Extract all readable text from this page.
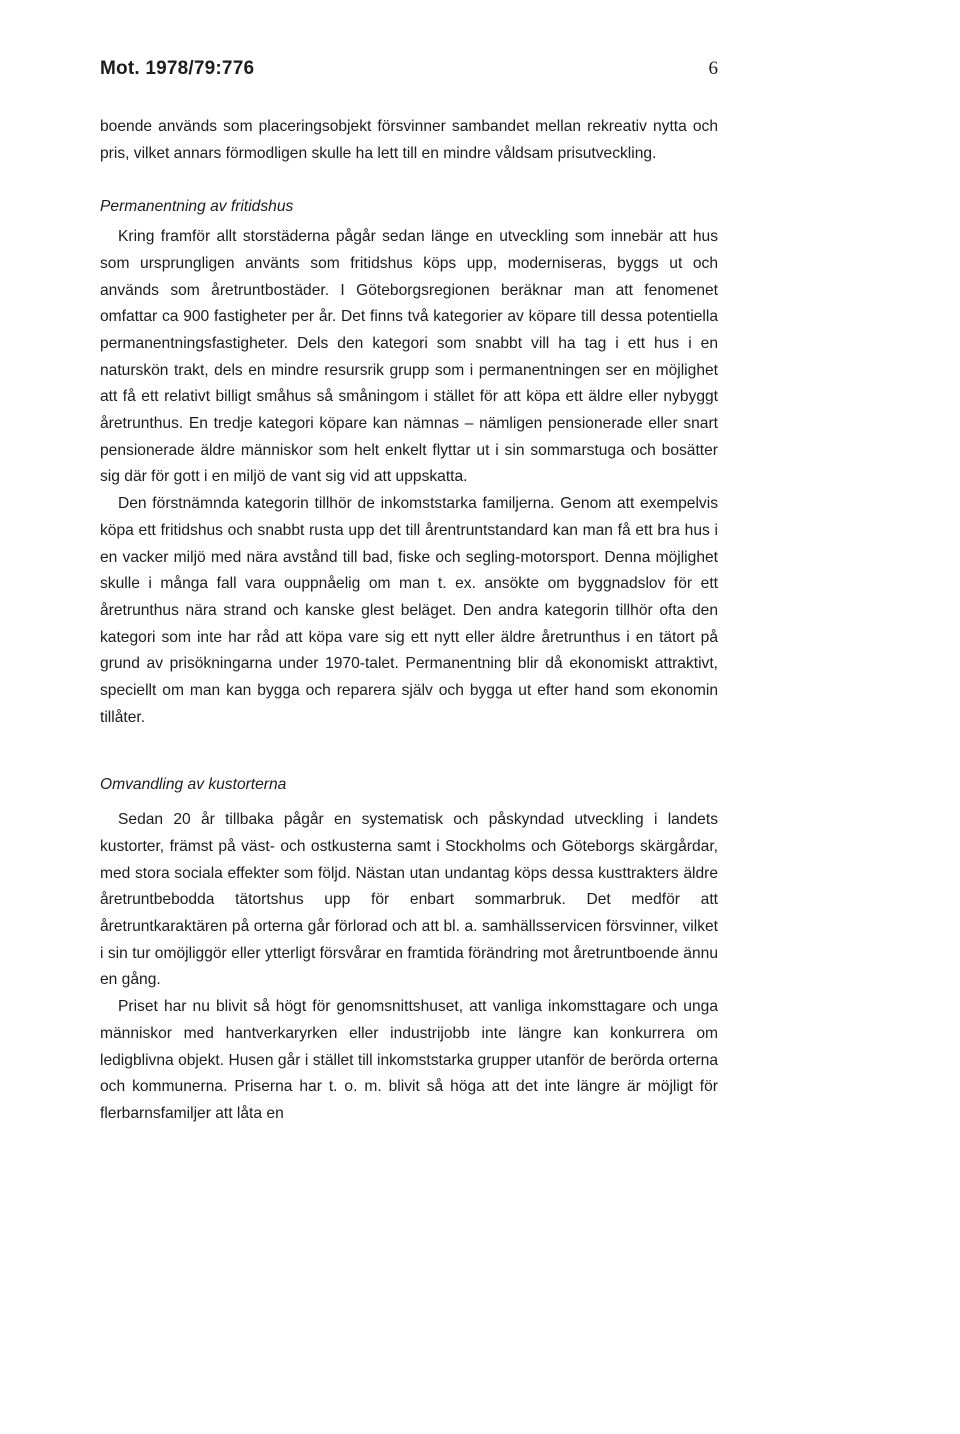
Mot. 1978/79:776	6

boende används som placeringsobjekt försvinner sambandet mellan rekreativ nytta och pris, vilket annars förmodligen skulle ha lett till en mindre våldsam prisutveckling.

Permanentning av fritidshus

Kring framför allt storstäderna pågår sedan länge en utveckling som innebär att hus som ursprungligen använts som fritidshus köps upp, moderniseras, byggs ut och används som åretruntbostäder. I Göteborgsregionen beräknar man att fenomenet omfattar ca 900 fastigheter per år. Det finns två kategorier av köpare till dessa potentiella permanentningsfastigheter. Dels den kategori som snabbt vill ha tag i ett hus i en naturskön trakt, dels en mindre resursrik grupp som i permanentningen ser en möjlighet att få ett relativt billigt småhus så småningom i stället för att köpa ett äldre eller nybyggt åretrunthus. En tredje kategori köpare kan nämnas – nämligen pensionerade eller snart pensionerade äldre människor som helt enkelt flyttar ut i sin sommarstuga och bosätter sig där för gott i en miljö de vant sig vid att uppskatta.

Den förstnämnda kategorin tillhör de inkomststarka familjerna. Genom att exempelvis köpa ett fritidshus och snabbt rusta upp det till årentruntstandard kan man få ett bra hus i en vacker miljö med nära avstånd till bad, fiske och segling-motorsport. Denna möjlighet skulle i många fall vara ouppnåelig om man t. ex. ansökte om byggnadslov för ett åretrunthus nära strand och kanske glest beläget. Den andra kategorin tillhör ofta den kategori som inte har råd att köpa vare sig ett nytt eller äldre åretrunthus i en tätort på grund av prisökningarna under 1970-talet. Permanentning blir då ekonomiskt attraktivt, speciellt om man kan bygga och reparera själv och bygga ut efter hand som ekonomin tillåter.

Omvandling av kustorterna

Sedan 20 år tillbaka pågår en systematisk och påskyndad utveckling i landets kustorter, främst på väst- och ostkusterna samt i Stockholms och Göteborgs skärgårdar, med stora sociala effekter som följd. Nästan utan undantag köps dessa kusttrakters äldre åretruntbebodda tätortshus upp för enbart sommarbruk. Det medför att åretruntkaraktären på orterna går förlorad och att bl. a. samhällsservicen försvinner, vilket i sin tur omöjliggör eller ytterligt försvårar en framtida förändring mot åretruntboende ännu en gång.

Priset har nu blivit så högt för genomsnittshuset, att vanliga inkomsttagare och unga människor med hantverkaryrken eller industrijobb inte längre kan konkurrera om ledigblivna objekt. Husen går i stället till inkomststarka grupper utanför de berörda orterna och kommunerna. Priserna har t. o. m. blivit så höga att det inte längre är möjligt för flerbarnsfamiljer att låta en
